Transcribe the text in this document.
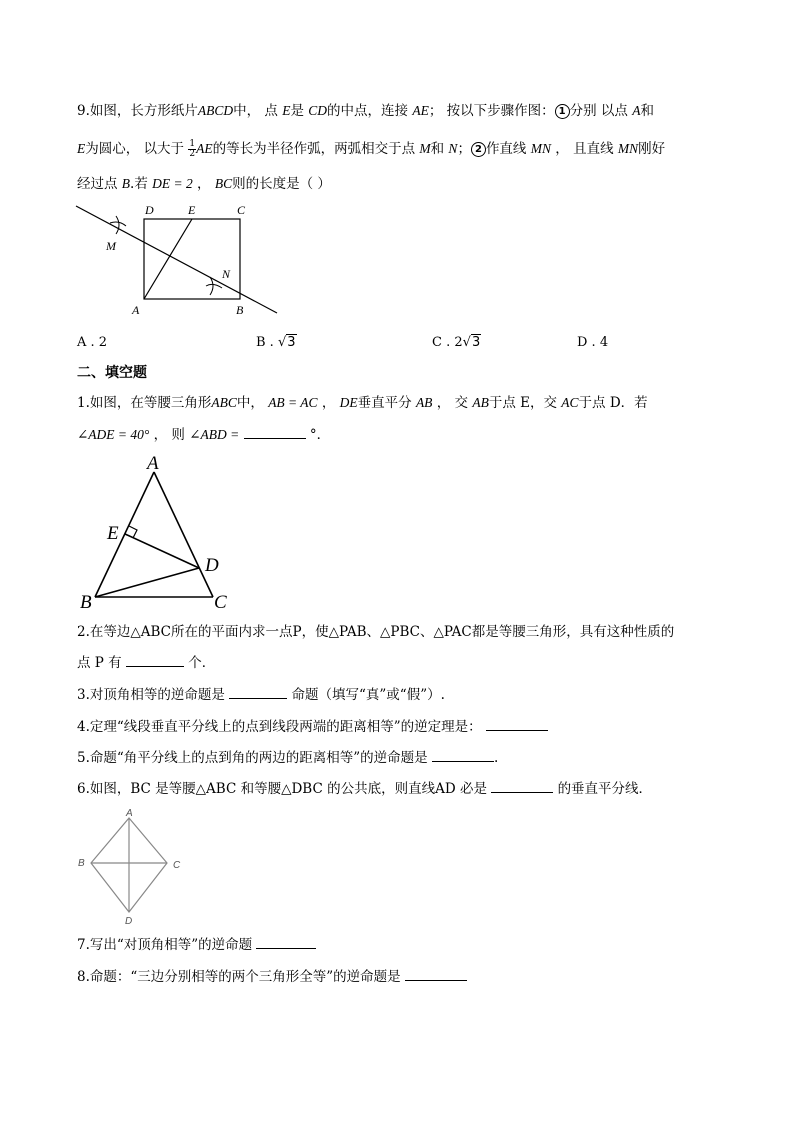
9.如图，长方形纸片ABCD中， 点 E是 CD的中点，连接 AE； 按以下步骤作图： 1 分别 以点 A和
E为圆心， 以大于 $\frac{1}{2}$ AE的等长为半径作弧，两弧相交于点 M和 N； 2 作直线 MN ， 且直线 MN刚好
经过点 B.若 DE = 2 ， BC则的长度是（ ）
D	E	C
M
N
A	B
A . 2	B . √3	C . 2√3	D . 4
二、填空题
1.如图，在等腰三角形ABC中， AB = AC ， DE垂直平分 AB ， 交 AB于点 E，交 AC于点 D．若
∠ADE = 40° ， 则 ∠ABD =	°．
A
E
D
B	C
2.在等边△ABC所在的平面内求一点P，使△PAB、△PBC、△PAC都是等腰三角形，具有这种性质的
点 P 有	个．
3.对顶角相等的逆命题是	命题（填写“真”或“假”）.
4.定理“线段垂直平分线上的点到线段两端的距离相等”的逆定理是：
5.命题“角平分线上的点到角的两边的距离相等”的逆命题是	.
6.如图，BC 是等腰△ABC 和等腰△DBC 的公共底，则直线AD 必是	的垂直平分线．
A
B	C
D
7.写出“对顶角相等”的逆命题
8.命题：“三边分别相等的两个三角形全等”的逆命题是
